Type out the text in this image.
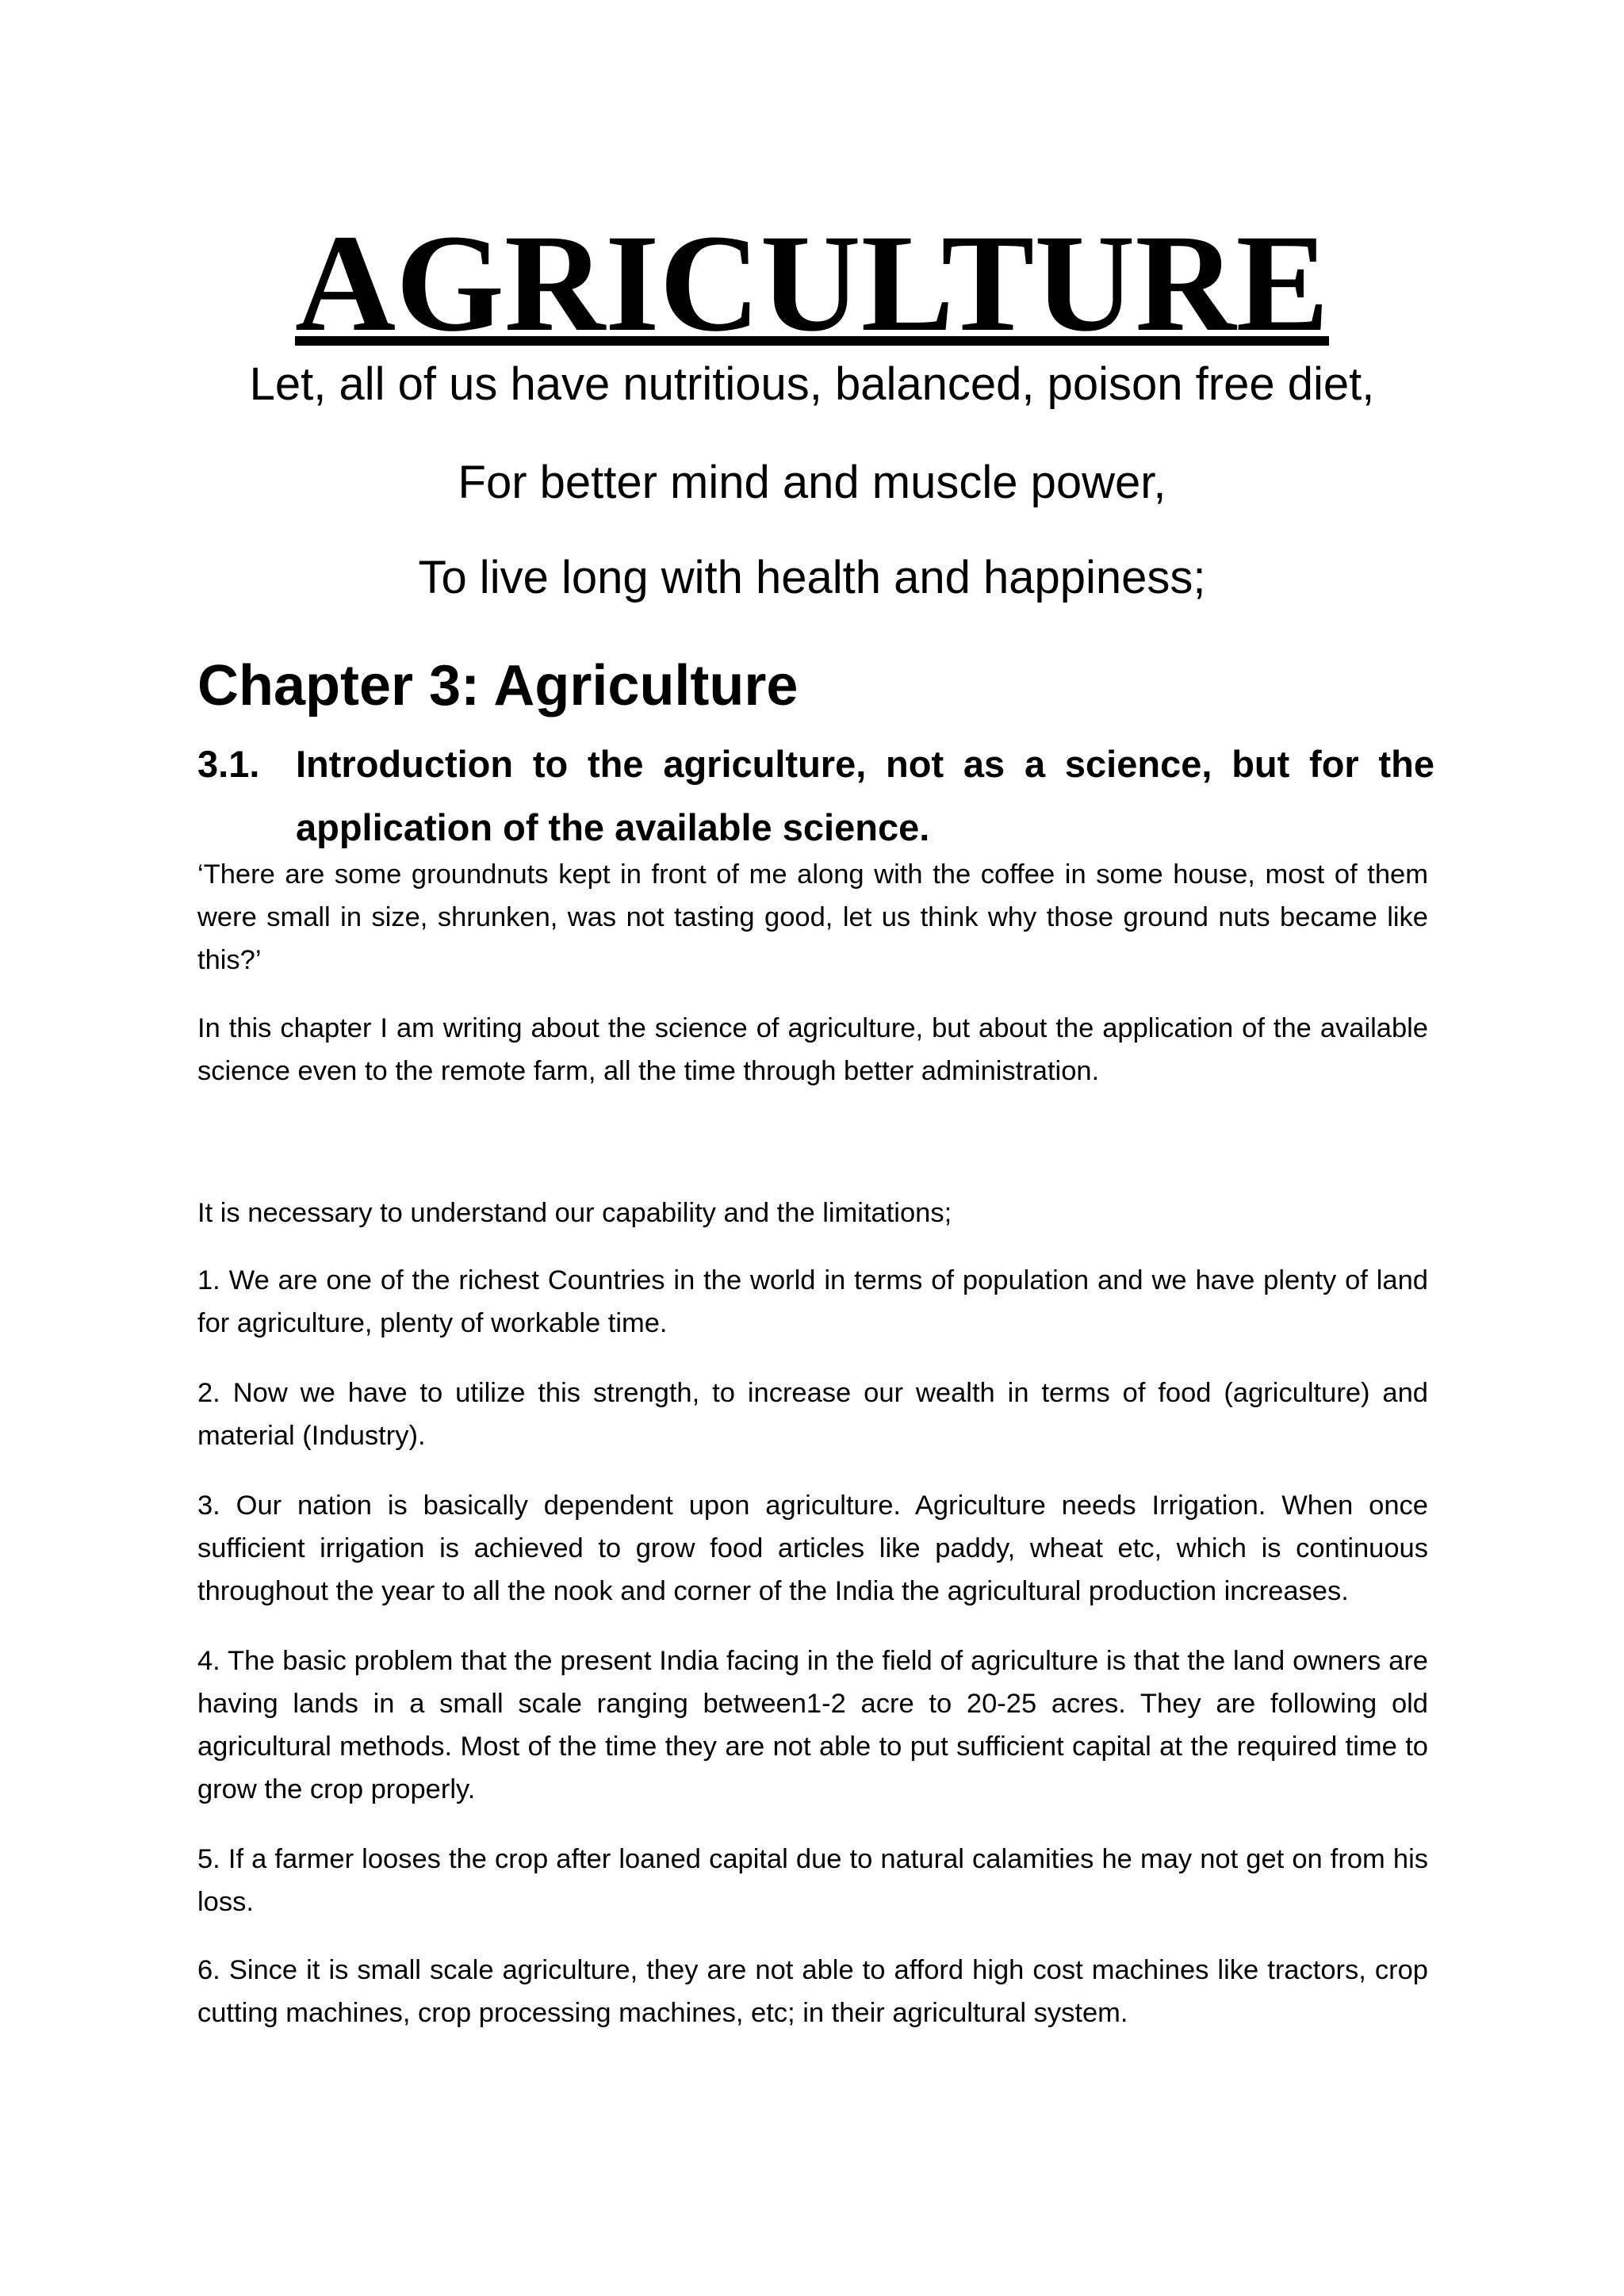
AGRICULTURE
Let, all of us have nutritious, balanced, poison free diet,
For better mind and muscle power,
To live long with health and happiness;
Chapter 3: Agriculture
3.1. Introduction to the agriculture, not as a science, but for the application of the available science.

‘There are some groundnuts kept in front of me along with the coffee in some house, most of them were small in size, shrunken, was not tasting good, let us think why those ground nuts became like this?’

In this chapter I am writing about the science of agriculture, but about the application of the available science even to the remote farm, all the time through better administration.

It is necessary to understand our capability and the limitations;

1. We are one of the richest Countries in the world in terms of population and we have plenty of land for agriculture, plenty of workable time.

2. Now we have to utilize this strength, to increase our wealth in terms of food (agriculture) and material (Industry).

3. Our nation is basically dependent upon agriculture. Agriculture needs Irrigation. When once sufficient irrigation is achieved to grow food articles like paddy, wheat etc, which is continuous throughout the year to all the nook and corner of the India the agricultural production increases.

4. The basic problem that the present India facing in the field of agriculture is that the land owners are having lands in a small scale ranging between1-2 acre to 20-25 acres. They are following old agricultural methods. Most of the time they are not able to put sufficient capital at the required time to grow the crop properly.

5. If a farmer looses the crop after loaned capital due to natural calamities he may not get on from his loss.

6. Since it is small scale agriculture, they are not able to afford high cost machines like tractors, crop cutting machines, crop processing machines, etc; in their agricultural system.
